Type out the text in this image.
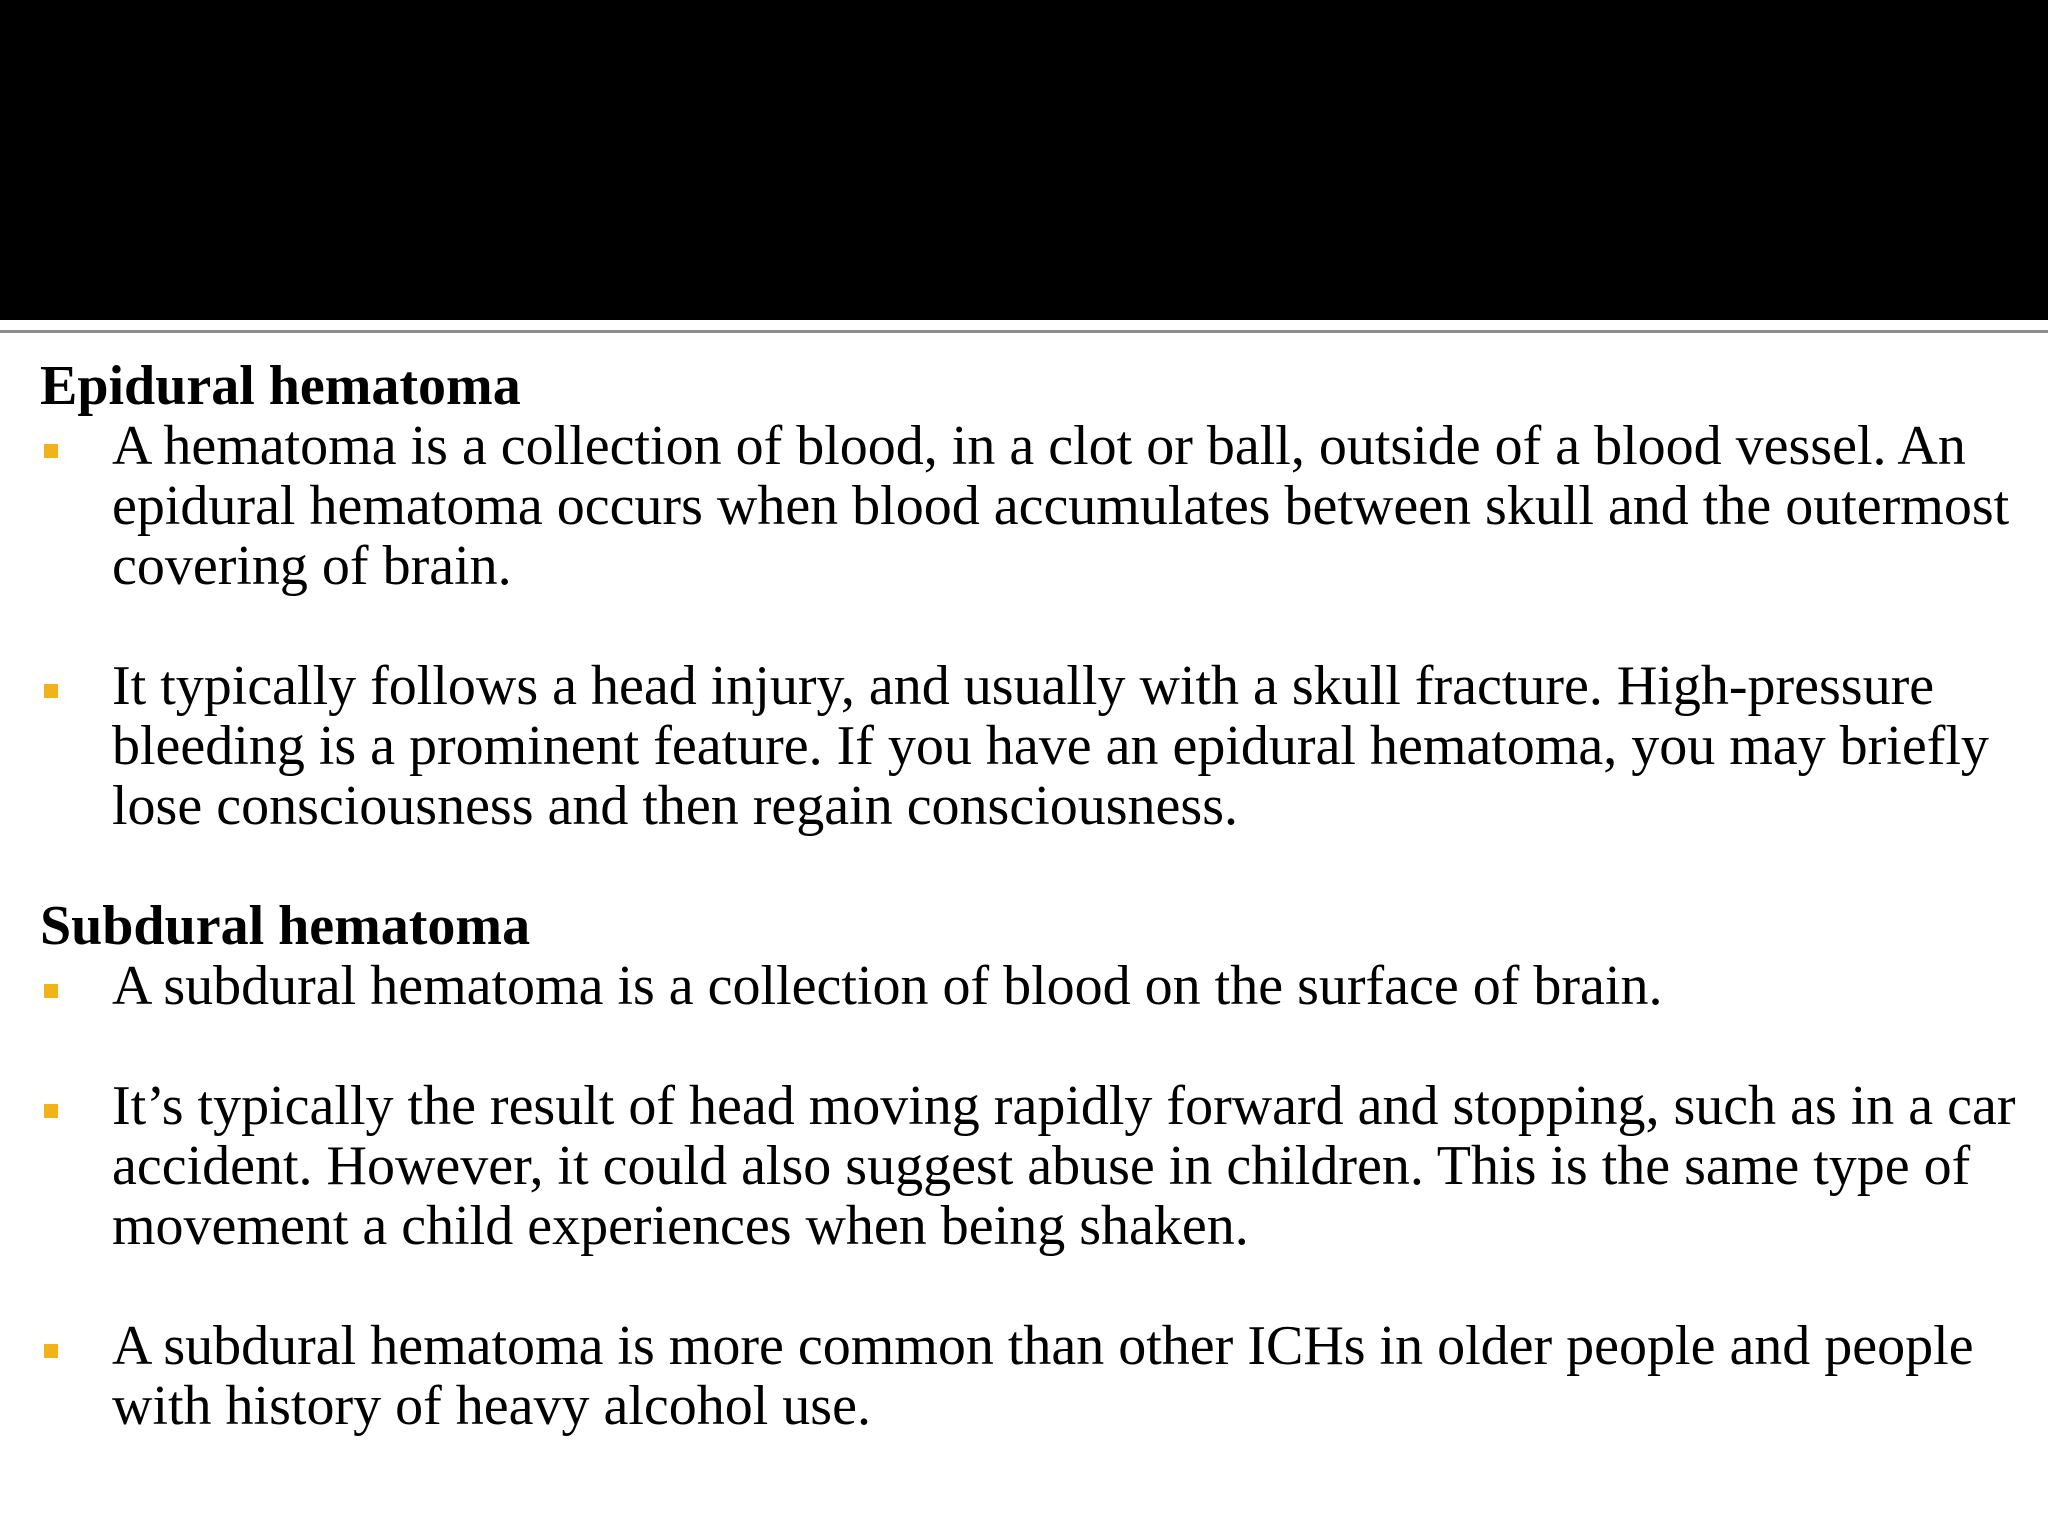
Epidural hematoma
A hematoma is a collection of blood, in a clot or ball, outside of a blood vessel. An epidural hematoma occurs when blood accumulates between skull and the outermost covering of brain.
It typically follows a head injury, and usually with a skull fracture. High-pressure bleeding is a prominent feature. If you have an epidural hematoma, you may briefly lose consciousness and then regain consciousness.
Subdural hematoma
A subdural hematoma is a collection of blood on the surface of brain.
It’s typically the result of head moving rapidly forward and stopping, such as in a car accident. However, it could also suggest abuse in children. This is the same type of movement a child experiences when being shaken.
A subdural hematoma is more common than other ICHs in older people and people with history of heavy alcohol use.
